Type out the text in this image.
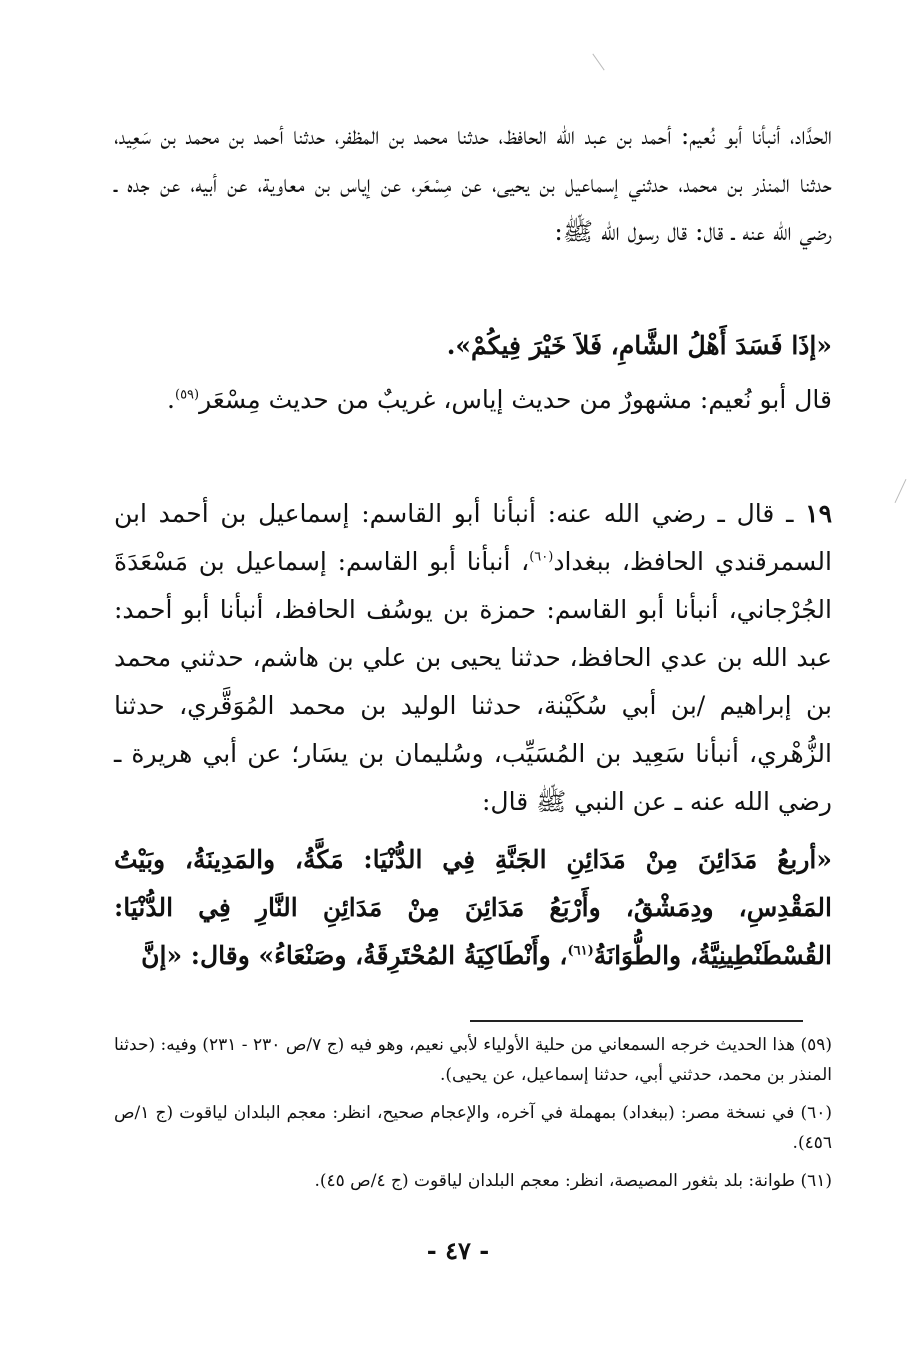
الحدَّاد، أنبأنا أبو نُعيم: أحمد بن عبد الله الحافظ، حدثنا محمد بن المظفر، حدثنا أحمد بن محمد بن سَعِيد، حدثنا المنذر بن محمد، حدثني إسماعيل بن يحيى، عن مِسْعَر، عن إياس بن معاوية، عن أبيه، عن جده ـ رضي الله عنه ـ قال: قال رسول الله ﷺ:

«إذَا فَسَدَ أَهْلُ الشَّامِ، فَلاَ خَيْرَ فِيكُمْ».

قال أبو نُعيم: مشهورٌ من حديث إياس، غريبٌ من حديث مِسْعَر$^{(٥٩)}$.

١٩ ـ قال ـ رضي الله عنه: أنبأنا أبو القاسم: إسماعيل بن أحمد ابن السمرقندي الحافظ، ببغداد$^{(٦٠)}$، أنبأنا أبو القاسم: إسماعيل بن مَسْعَدَةَ الجُرْجاني، أنبأنا أبو القاسم: حمزة بن يوسُف الحافظ، أنبأنا أبو أحمد: عبد الله بن عدي الحافظ، حدثنا يحيى بن علي بن هاشم، حدثني محمد بن إبراهيم /بن أبي سُكَيْنة، حدثنا الوليد بن محمد المُوَقَّري، حدثنا الزُّهْري، أنبأنا سَعِيد بن المُسَيِّب، وسُليمان بن يسَار؛ عن أبي هريرة ـ رضي الله عنه ـ عن النبي ﷺ قال:

«أربعُ مَدَائِنَ مِنْ مَدَائِنِ الجَنَّةِ فِي الدُّنْيَا: مَكَّةُ، والمَدِينَةُ، وبَيْتُ المَقْدِسِ، ودِمَشْقُ، وأَرْبَعُ مَدَائِنَ مِنْ مَدَائِنِ النَّارِ فِي الدُّنْيَا: القُسْطَنْطِينِيَّةُ، والطُّوَانَةُ$^{(٦١)}$، وأَنْطَاكِيَةُ المُحْتَرِقَةُ، وصَنْعَاءُ» وقال: «إنَّ

(٥٩) هذا الحديث خرجه السمعاني من حلية الأولياء لأبي نعيم، وهو فيه (ج ٧/ص ٢٣٠ - ٢٣١) وفيه: (حدثنا المنذر بن محمد، حدثني أبي، حدثنا إسماعيل، عن يحيى).

(٦٠) في نسخة مصر: (ببغداد) بمهملة في آخره، والإعجام صحيح، انظر: معجم البلدان لياقوت (ج ١/ص ٤٥٦).

(٦١) طوانة: بلد بثغور المصيصة، انظر: معجم البلدان لياقوت (ج ٤/ص ٤٥).

- ٤٧ -
